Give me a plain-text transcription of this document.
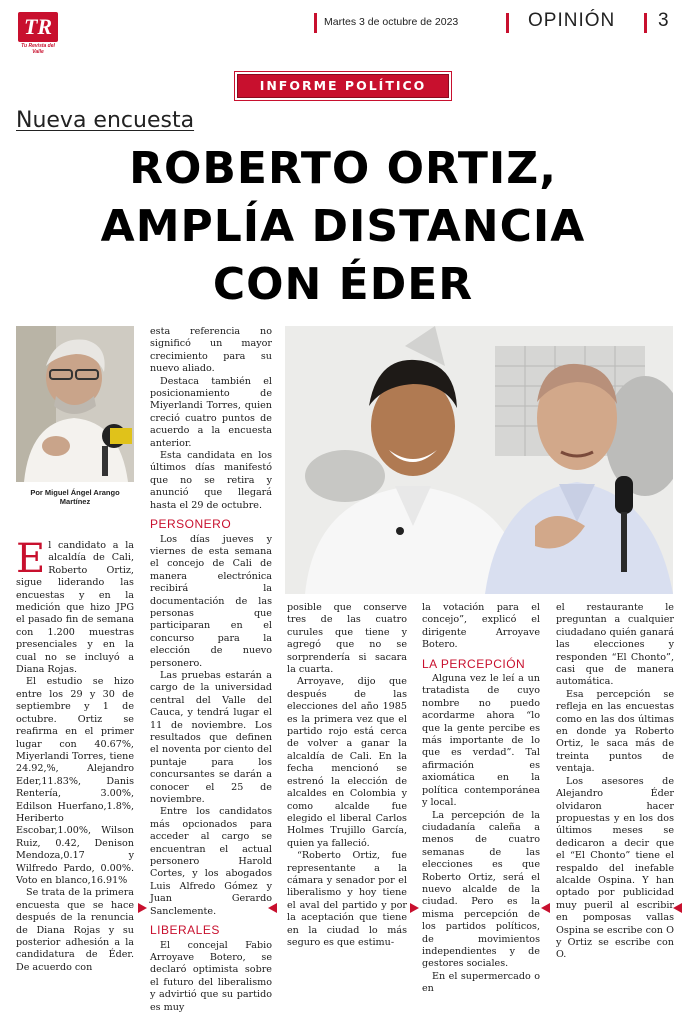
TR
Tu Revista del Valle
Martes 3 de octubre de 2023	OPINIÓN 3
INFORME POLÍTICO
Nueva encuesta
ROBERTO ORTIZ,
AMPLÍA DISTANCIA
CON ÉDER
Por Miguel Ángel Arango Martínez

El candidato a la alcaldía de Cali, Roberto Ortiz, sigue liderando las encuestas y en la medición que hizo JPG el pasado fin de semana con 1.200 muestras presenciales y en la cual no se incluyó a Diana Rojas.

El estudio se hizo entre los 29 y 30 de septiembre y 1 de octubre. Ortiz se reafirma en el primer lugar con 40.67%, Miyerlandi Torres, tiene 24.92,%, Alejandro Eder,11.83%, Danis Rentería, 3.00%, Edilson Huerfano,1.8%, Heriberto Escobar,1.00%, Wilson Ruiz, 0.42, Denison Mendoza,0.17 y Wilfredo Pardo, 0.00%. Voto en blanco,16.91%

Se trata de la primera encuesta que se hace después de la renuncia de Diana Rojas y su posterior adhesión a la candidatura de Éder. De acuerdo con

esta referencia no significó un mayor crecimiento para su nuevo aliado.

Destaca también el posicionamiento de Miyerlandi Torres, quien creció cuatro puntos de acuerdo a la encuesta anterior.

Esta candidata en los últimos días manifestó que no se retira y anunció que llegará hasta el 29 de octubre.

PERSONERO

Los días jueves y viernes de esta semana el concejo de Cali de manera electrónica recibirá la documentación de las personas que participaran en el concurso para la elección de nuevo personero.

Las pruebas estarán a cargo de la universidad central del Valle del Cauca, y tendrá lugar el 11 de noviembre. Los resultados que definen el noventa por ciento del puntaje para los concursantes se darán a conocer el 25 de noviembre.

Entre los candidatos más opcionados para acceder al cargo se encuentran el actual personero Harold Cortes, y los abogados Luis Alfredo Gómez y Juan Gerardo Sanclemente.

LIBERALES

El concejal Fabio Arroyave Botero, se declaró optimista sobre el futuro del liberalismo y advirtió que su partido es muy

posible que conserve tres de las cuatro curules que tiene y agregó que no se sorprendería si sacara la cuarta.

Arroyave, dijo que después de las elecciones del año 1985 es la primera vez que el partido rojo está cerca de volver a ganar la alcaldía de Cali. En la fecha mencionó se estrenó la elección de alcaldes en Colombia y como alcalde fue elegido el liberal Carlos Holmes Trujillo García, quien ya falleció.

“Roberto Ortiz, fue representante a la cámara y senador por el liberalismo y hoy tiene el aval del partido y por la aceptación que tiene en la ciudad lo más seguro es que estimu-

la votación para el concejo”, explicó el dirigente Arroyave Botero.

LA PERCEPCIÓN

Alguna vez le leí a un tratadista de cuyo nombre no puedo acordarme ahora “lo que la gente percibe es más importante de lo que es verdad”. Tal afirmación es axiomática en la política contemporánea y local.

La percepción de la ciudadanía caleña a menos de cuatro semanas de las elecciones es que Roberto Ortiz, será el nuevo alcalde de la ciudad. Pero es la misma percepción de los partidos políticos, de movimientos independientes y de gestores sociales.

En el supermercado o en

el restaurante le preguntan a cualquier ciudadano quién ganará las elecciones y responden “El Chonto”, casi que de manera automática.

Esa percepción se refleja en las encuestas como en las dos últimas en donde ya Roberto Ortiz, le saca más de treinta puntos de ventaja.

Los asesores de Alejandro Éder olvidaron hacer propuestas y en los dos últimos meses se dedicaron a decir que el “El Chonto” tiene el respaldo del inefable alcalde Ospina. Y han optado por publicidad muy pueril al escribir en pomposas vallas Ospina se escribe con O y Ortiz se escribe con O.
